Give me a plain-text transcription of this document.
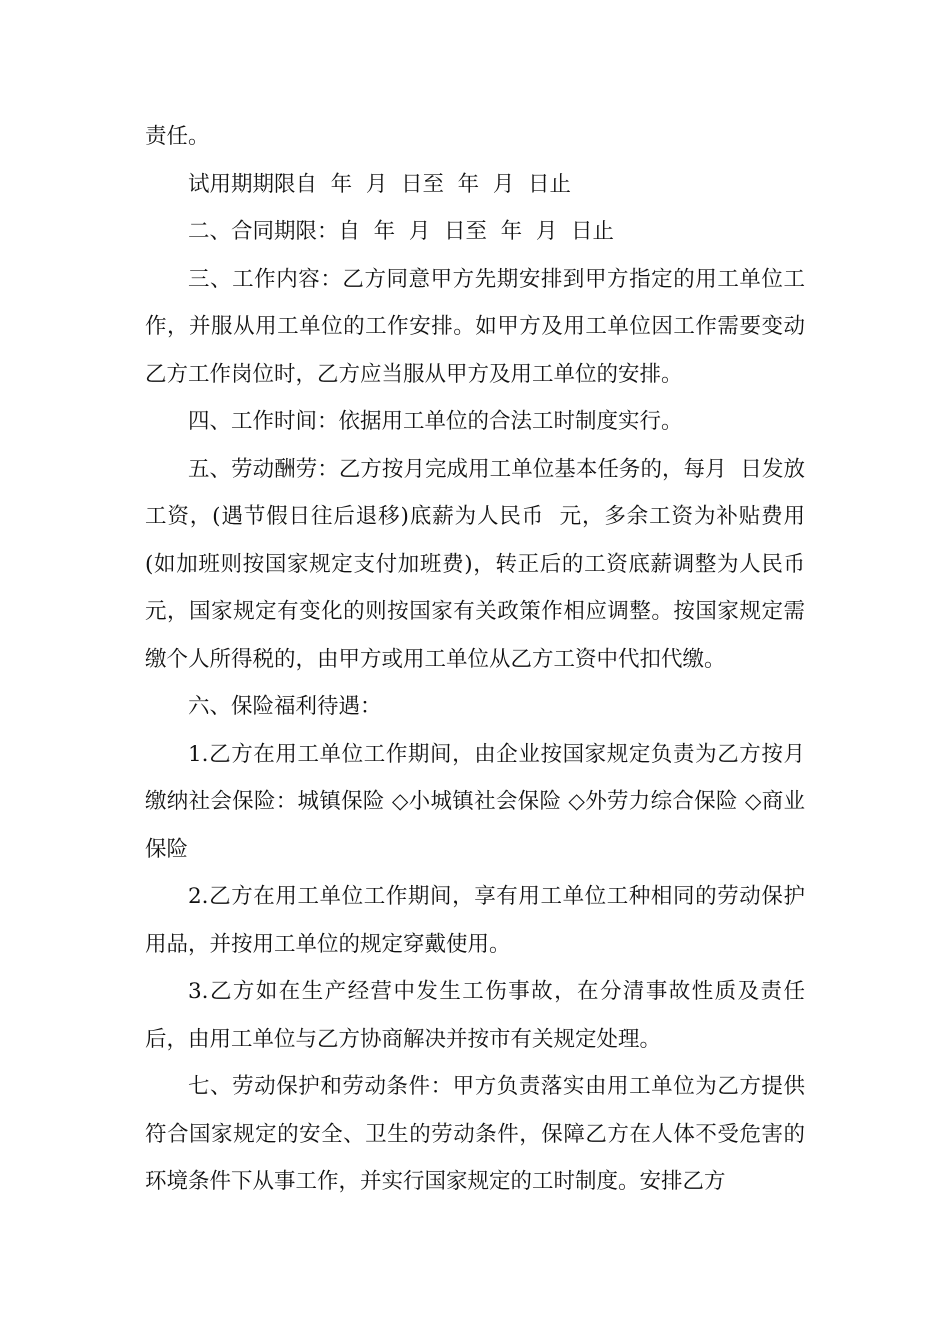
责任。

试用期期限自  年  月  日至  年  月  日止

二、合同期限：自  年  月  日至  年  月  日止

三、工作内容：乙方同意甲方先期安排到甲方指定的用工单位工作，并服从用工单位的工作安排。如甲方及用工单位因工作需要变动乙方工作岗位时，乙方应当服从甲方及用工单位的安排。

四、工作时间：依据用工单位的合法工时制度实行。

五、劳动酬劳：乙方按月完成用工单位基本任务的，每月  日发放工资，(遇节假日往后退移)底薪为人民币  元，多余工资为补贴费用(如加班则按国家规定支付加班费)，转正后的工资底薪调整为人民币  元，国家规定有变化的则按国家有关政策作相应调整。按国家规定需缴个人所得税的，由甲方或用工单位从乙方工资中代扣代缴。

六、保险福利待遇：

1.乙方在用工单位工作期间，由企业按国家规定负责为乙方按月缴纳社会保险：城镇保险 ◇小城镇社会保险 ◇外劳力综合保险 ◇商业保险

2.乙方在用工单位工作期间，享有用工单位工种相同的劳动保护用品，并按用工单位的规定穿戴使用。

3.乙方如在生产经营中发生工伤事故，在分清事故性质及责任后，由用工单位与乙方协商解决并按市有关规定处理。

七、劳动保护和劳动条件：甲方负责落实由用工单位为乙方提供符合国家规定的安全、卫生的劳动条件，保障乙方在人体不受危害的环境条件下从事工作，并实行国家规定的工时制度。安排乙方
